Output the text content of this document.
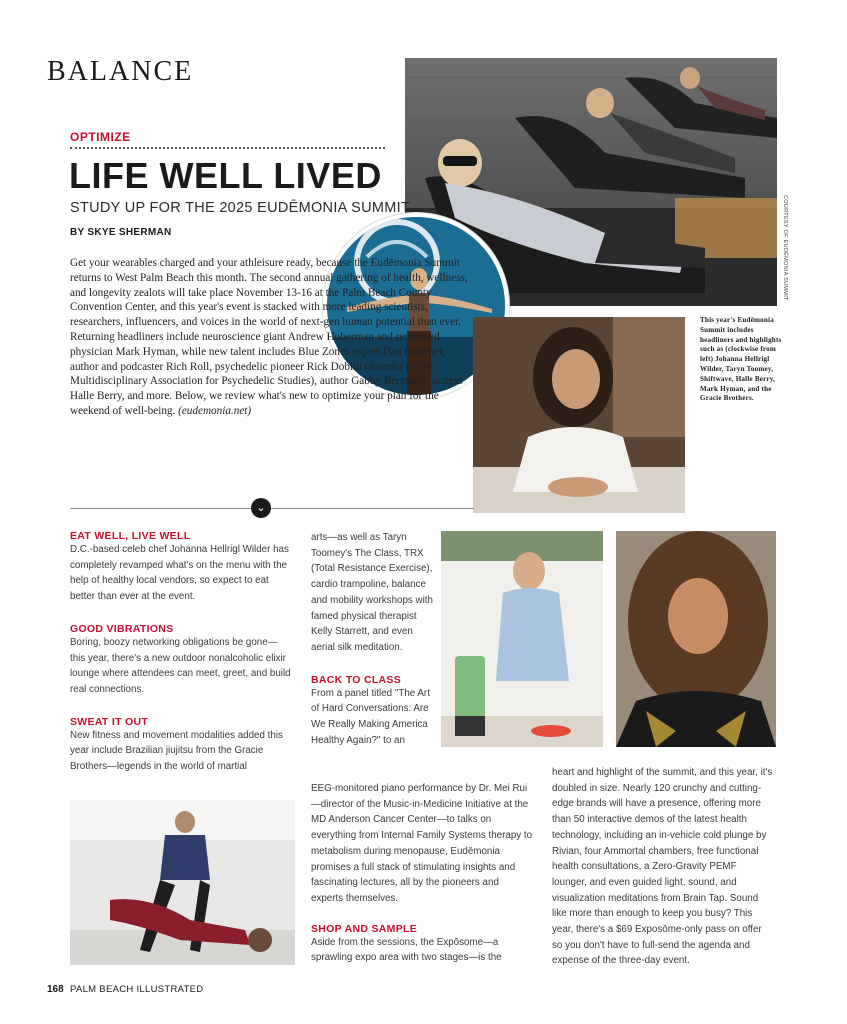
BALANCE
COURTESY OF EUDĒMONIA SUMMIT
OPTIMIZE
LIFE WELL LIVED
STUDY UP FOR THE 2025 EUDĒMONIA SUMMIT
BY SKYE SHERMAN

Get your wearables charged and your athleisure ready, because the Eudēmonia Summit returns to West Palm Beach this month. The second annual gathering of health, wellness, and longevity zealots will take place November 13-16 at the Palm Beach County Convention Center, and this year's event is stacked with more leading scientists, researchers, influencers, and voices in the world of next-gen human potential than ever. Returning headliners include neuroscience giant Andrew Huberman and renowned physician Mark Hyman, while new talent includes Blue Zones expert Dan Buettner, author and podcaster Rich Roll, psychedelic pioneer Rick Doblin (founder of the Multidisciplinary Association for Psychedelic Studies), author Gabby Bernstein, actress Halle Berry, and more. Below, we review what's new to optimize your plan for the weekend of well-being. (eudemonia.net)

This year's Eudēmonia Summit includes headliners and highlights such as (clockwise from left) Johanna Hellrigl Wilder, Taryn Toomey, Shiftwave, Halle Berry, Mark Hyman, and the Gracie Brothers.
⌄
EAT WELL, LIVE WELL
D.C.-based celeb chef Johanna Hellrigl Wilder has completely revamped what's on the menu with the help of healthy local vendors, so expect to eat better than ever at the event.
GOOD VIBRATIONS
Boring, boozy networking obligations be gone—this year, there's a new outdoor nonalcoholic elixir lounge where attendees can meet, greet, and build real connections.
SWEAT IT OUT
New fitness and movement modalities added this year include Brazilian jiujitsu from the Gracie Brothers—legends in the world of martial
arts—as well as Taryn Toomey's The Class, TRX (Total Resistance Exercise), cardio trampoline, balance and mobility workshops with famed physical therapist Kelly Starrett, and even aerial silk meditation.
BACK TO CLASS
From a panel titled "The Art of Hard Conversations: Are We Really Making America Healthy Again?" to an
EEG-monitored piano performance by Dr. Mei Rui—director of the Music-in-Medicine Initiative at the MD Anderson Cancer Center—to talks on everything from Internal Family Systems therapy to metabolism during menopause, Eudēmonia promises a full stack of stimulating insights and fascinating lectures, all by the pioneers and experts themselves.
SHOP AND SAMPLE
Aside from the sessions, the Expōsome—a sprawling expo area with two stages—is the
heart and highlight of the summit, and this year, it's doubled in size. Nearly 120 crunchy and cutting-edge brands will have a presence, offering more than 50 interactive demos of the latest health technology, including an in-vehicle cold plunge by Rivian, four Ammortal chambers, free functional health consultations, a Zero-Gravity PEMF lounger, and even guided light, sound, and visualization meditations from Brain Tap. Sound like more than enough to keep you busy? This year, there's a $69 Exposōme-only pass on offer so you don't have to full-send the agenda and expense of the three-day event.
168 PALM BEACH ILLUSTRATED
